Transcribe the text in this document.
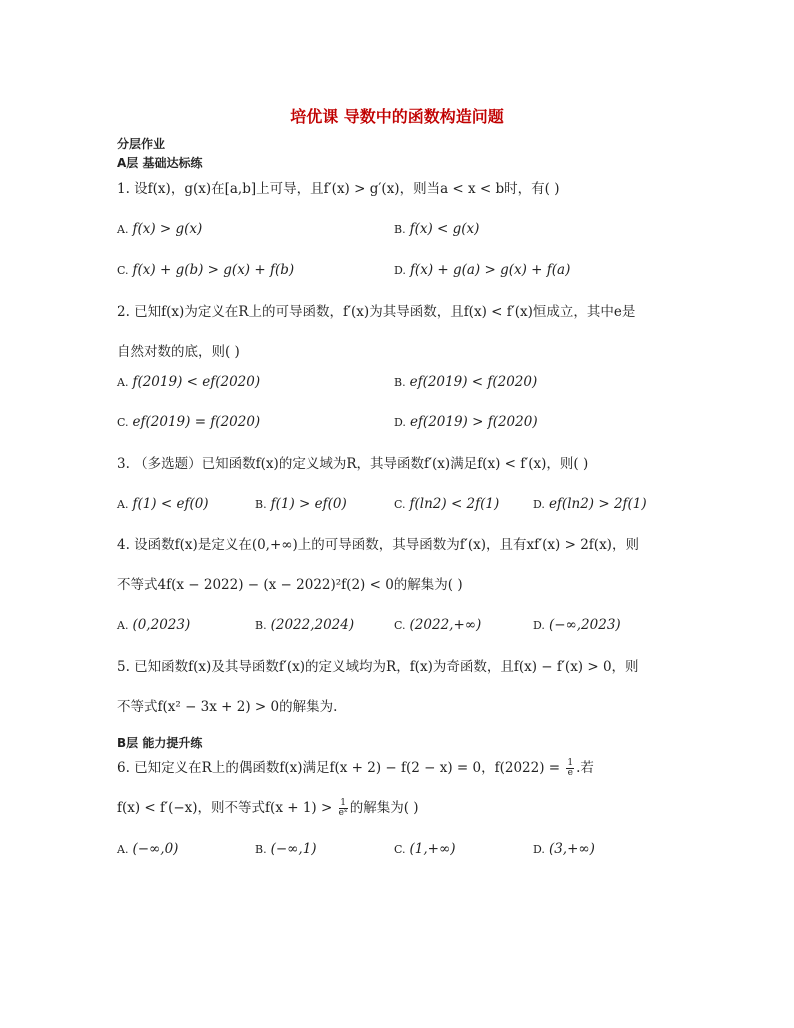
培优课 导数中的函数构造问题
分层作业
A层 基础达标练
1. 设f(x)，g(x)在[a,b]上可导，且f′(x) > g′(x)，则当a < x < b时，有( )
A. f(x) > g(x)	B. f(x) < g(x)
C. f(x) + g(b) > g(x) + f(b)	D. f(x) + g(a) > g(x) + f(a)
2. 已知f(x)为定义在R上的可导函数，f′(x)为其导函数，且f(x) < f′(x)恒成立，其中e是
自然对数的底，则( )
A. f(2019) < ef(2020)	B. ef(2019) < f(2020)
C. ef(2019) = f(2020)	D. ef(2019) > f(2020)
3. （多选题）已知函数f(x)的定义域为R，其导函数f′(x)满足f(x) < f′(x)，则( )
A. f(1) < ef(0)	B. f(1) > ef(0)	C. f(ln2) < 2f(1)	D. ef(ln2) > 2f(1)
4. 设函数f(x)是定义在(0,+∞)上的可导函数，其导函数为f′(x)，且有xf′(x) > 2f(x)，则
不等式4f(x − 2022) − (x − 2022)²f(2) < 0的解集为( )
A. (0,2023)	B. (2022,2024)	C. (2022,+∞)	D. (−∞,2023)
5. 已知函数f(x)及其导函数f′(x)的定义域均为R，f(x)为奇函数，且f(x) − f′(x) > 0，则
不等式f(x² − 3x + 2) > 0的解集为.
B层 能力提升练
6. 已知定义在R上的偶函数f(x)满足f(x + 2) − f(2 − x) = 0，$f(2022) = \frac{1}{e}$ .若
f(x) < f′(−x)，则不等式$f(x + 1) > \frac{1}{\text{eˣ}}$ 的解集为( )
A. (−∞,0)	B. (−∞,1)	C. (1,+∞)	D. (3,+∞)
